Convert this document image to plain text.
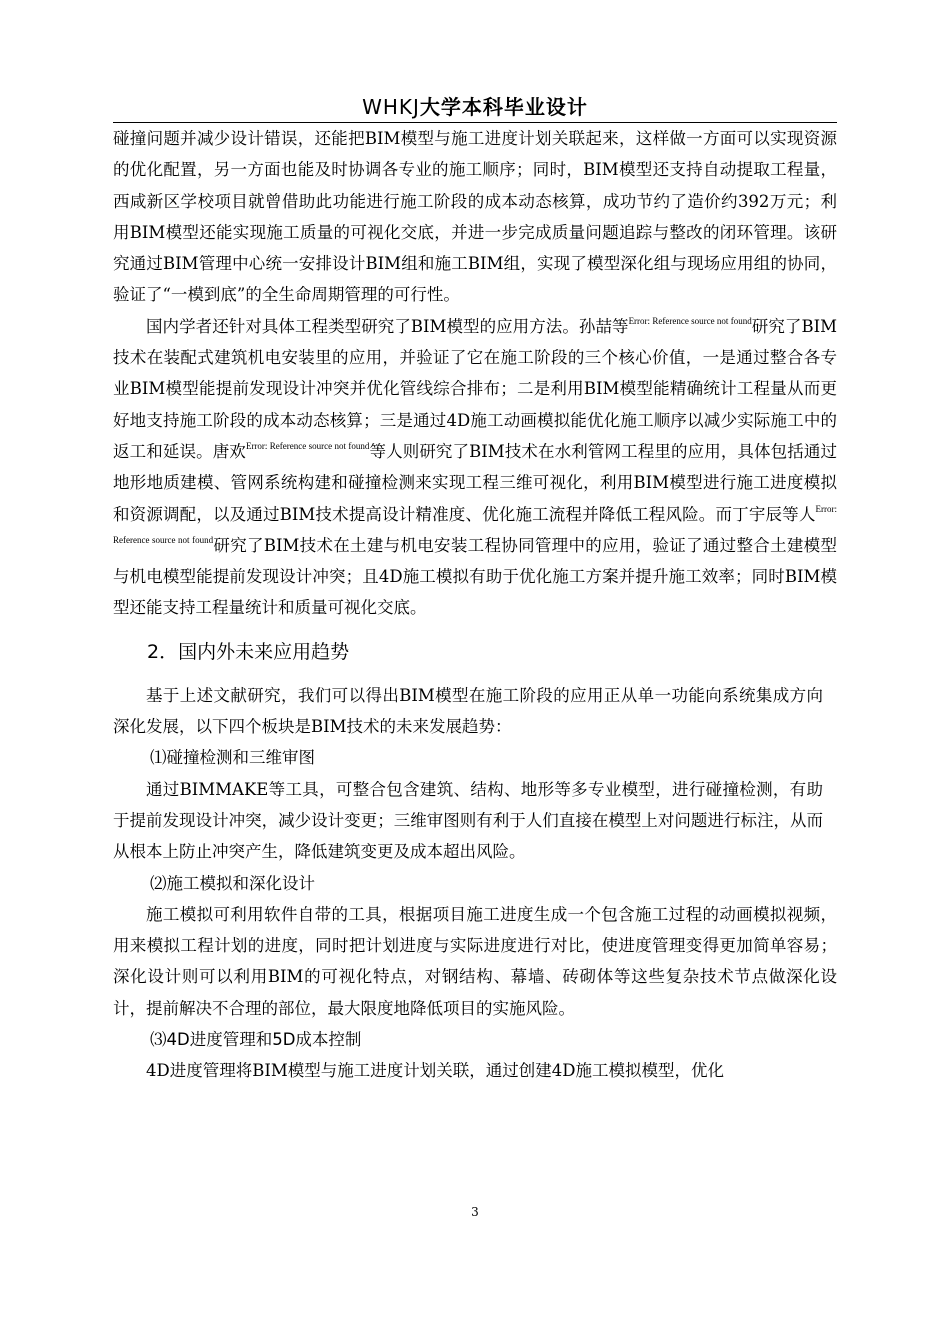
WHKJ大学本科毕业设计

碰撞问题并减少设计错误，还能把BIM模型与施工进度计划关联起来，这样做一方面可以实现资源的优化配置，另一方面也能及时协调各专业的施工顺序；同时，BIM模型还支持自动提取工程量，西咸新区学校项目就曾借助此功能进行施工阶段的成本动态核算，成功节约了造价约392万元；利用BIM模型还能实现施工质量的可视化交底，并进一步完成质量问题追踪与整改的闭环管理。该研究通过BIM管理中心统一安排设计BIM组和施工BIM组，实现了模型深化组与现场应用组的协同，验证了“一模到底”的全生命周期管理的可行性。

国内学者还针对具体工程类型研究了BIM模型的应用方法。孙喆等$^{Error: Reference source not found}$研究了BIM技术在装配式建筑机电安装里的应用，并验证了它在施工阶段的三个核心价值，一是通过整合各专业BIM模型能提前发现设计冲突并优化管线综合排布；二是利用BIM模型能精确统计工程量从而更好地支持施工阶段的成本动态核算；三是通过4D施工动画模拟能优化施工顺序以减少实际施工中的返工和延误。唐欢$^{Error: Reference source not found}$等人则研究了BIM技术在水利管网工程里的应用，具体包括通过地形地质建模、管网系统构建和碰撞检测来实现工程三维可视化，利用BIM模型进行施工进度模拟和资源调配，以及通过BIM技术提高设计精准度、优化施工流程并降低工程风险。而丁宇辰等人$^{Error: Reference source not found}$研究了BIM技术在土建与机电安装工程协同管理中的应用，验证了通过整合土建模型与机电模型能提前发现设计冲突；且4D施工模拟有助于优化施工方案并提升施工效率；同时BIM模型还能支持工程量统计和质量可视化交底。

2．国内外未来应用趋势

基于上述文献研究，我们可以得出BIM模型在施工阶段的应用正从单一功能向系统集成方向深化发展，以下四个板块是BIM技术的未来发展趋势：

⑴碰撞检测和三维审图

通过BIMMAKE等工具，可整合包含建筑、结构、地形等多专业模型，进行碰撞检测，有助于提前发现设计冲突，减少设计变更；三维审图则有利于人们直接在模型上对问题进行标注，从而从根本上防止冲突产生，降低建筑变更及成本超出风险。

⑵施工模拟和深化设计

施工模拟可利用软件自带的工具，根据项目施工进度生成一个包含施工过程的动画模拟视频，用来模拟工程计划的进度，同时把计划进度与实际进度进行对比，使进度管理变得更加简单容易；深化设计则可以利用BIM的可视化特点，对钢结构、幕墙、砖砌体等这些复杂技术节点做深化设计，提前解决不合理的部位，最大限度地降低项目的实施风险。

⑶4D进度管理和5D成本控制

4D进度管理将BIM模型与施工进度计划关联，通过创建4D施工模拟模型，优化

3
